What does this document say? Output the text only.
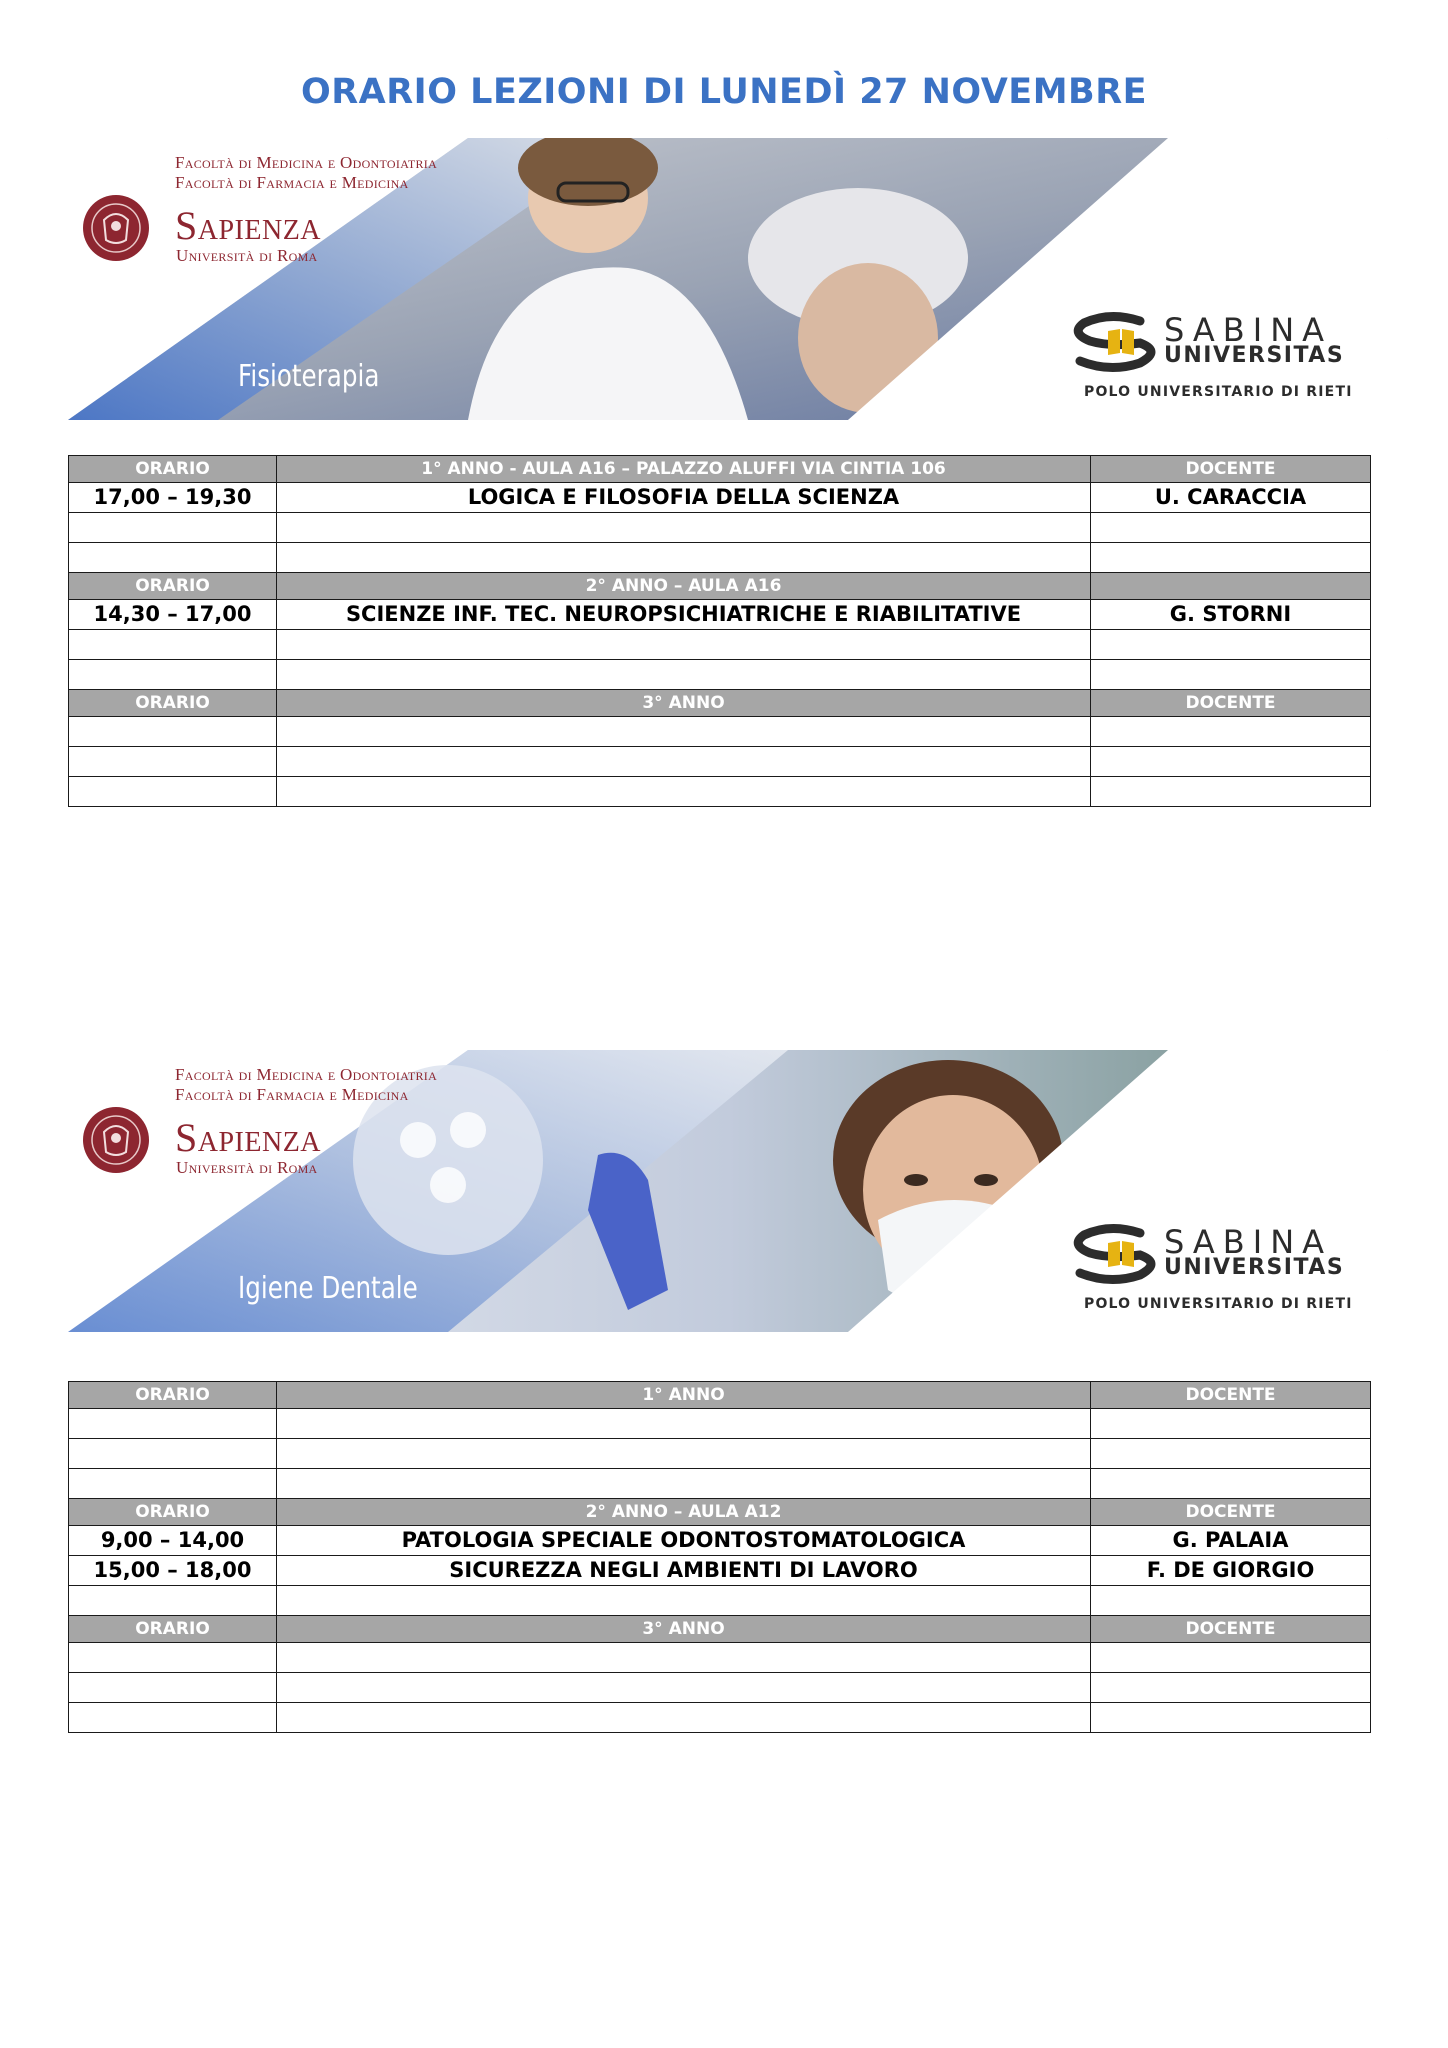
ORARIO LEZIONI DI LUNEDÌ 27 NOVEMBRE
Facoltà di Medicina e Odontoiatria
Facoltà di Farmacia e Medicina
Sapienza
Università di Roma
Fisioterapia
SABINA
UNIVERSITAS
POLO UNIVERSITARIO DI RIETI
ORARIO	1° ANNO - AULA A16 – PALAZZO ALUFFI VIA CINTIA 106	DOCENTE
17,00 – 19,30	LOGICA E FILOSOFIA DELLA SCIENZA	U. CARACCIA

ORARIO	2° ANNO – AULA A16	
14,30 – 17,00	SCIENZE INF. TEC. NEUROPSICHIATRICHE E RIABILITATIVE	G. STORNI

ORARIO	3° ANNO	DOCENTE

Facoltà di Medicina e Odontoiatria
Facoltà di Farmacia e Medicina
Sapienza
Università di Roma
Igiene Dentale
SABINA
UNIVERSITAS
POLO UNIVERSITARIO DI RIETI
ORARIO	1° ANNO	DOCENTE

ORARIO	2° ANNO – AULA A12	DOCENTE
9,00 – 14,00	PATOLOGIA SPECIALE ODONTOSTOMATOLOGICA	G. PALAIA
15,00 – 18,00	SICUREZZA NEGLI AMBIENTI DI LAVORO	F. DE GIORGIO

ORARIO	3° ANNO	DOCENTE
